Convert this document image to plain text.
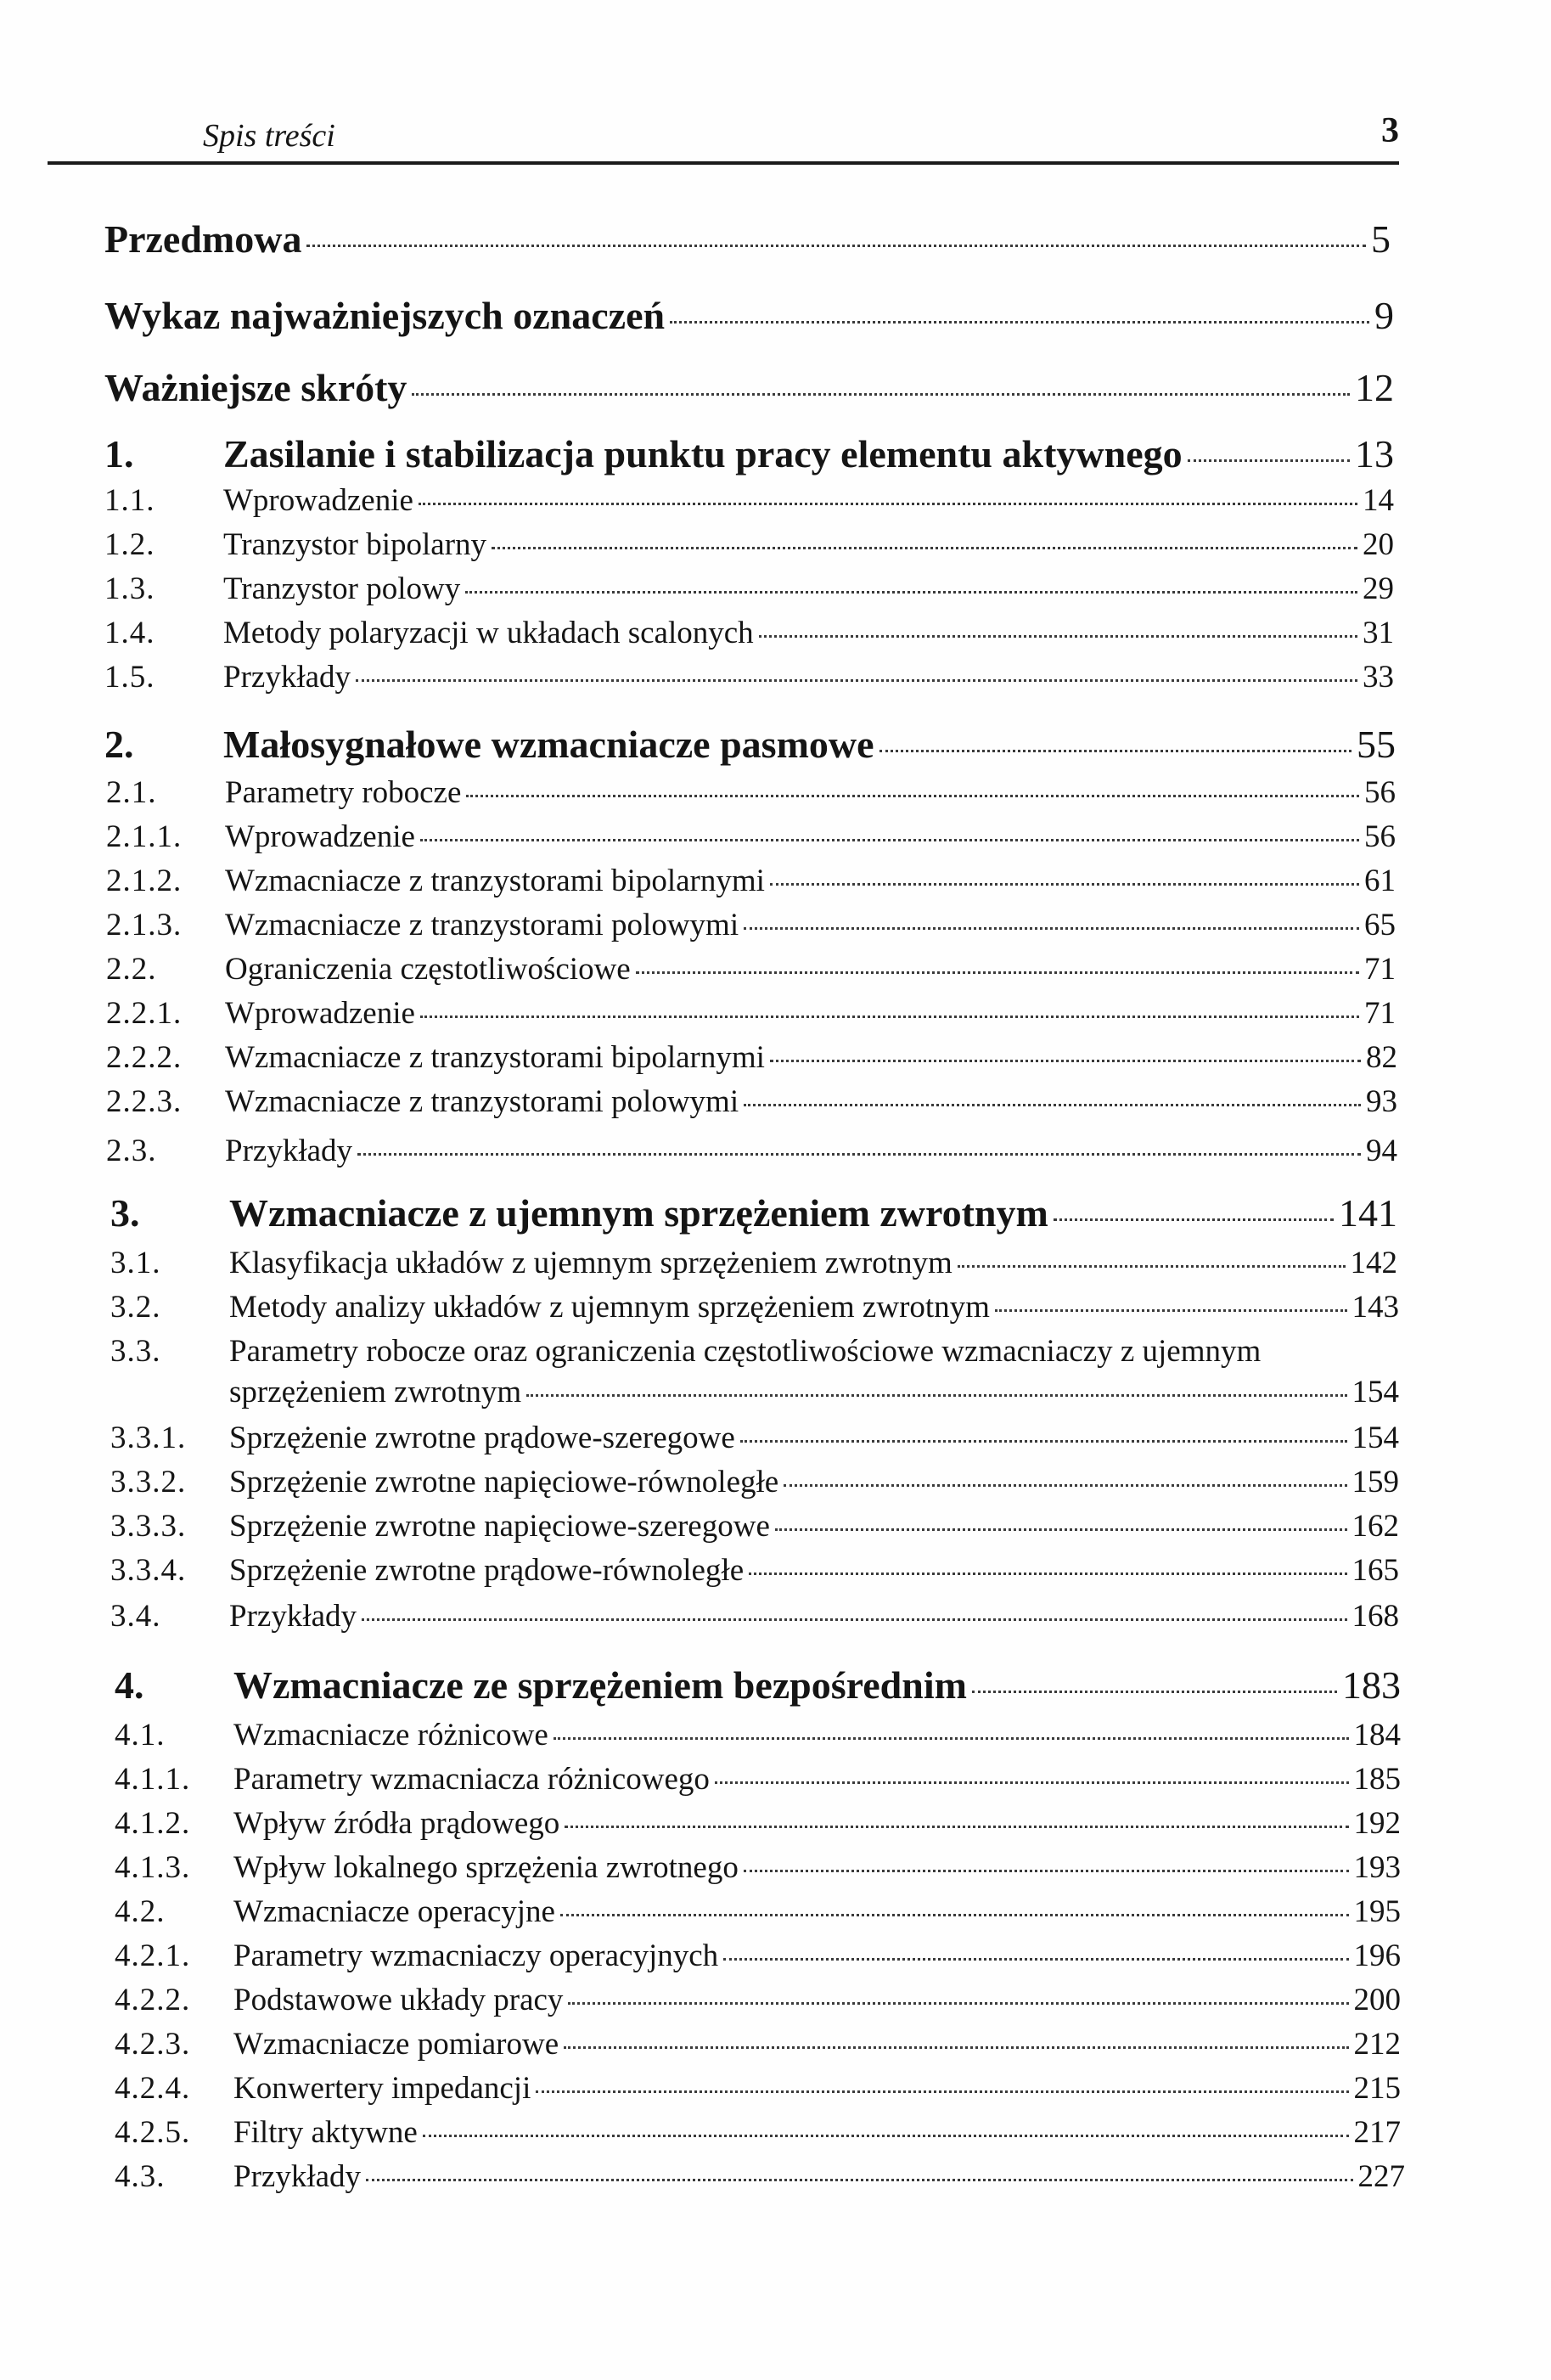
Spis treści	3
Przedmowa	5
Wykaz najważniejszych oznaczeń	9
Ważniejsze skróty	12
1.	Zasilanie i stabilizacja punktu pracy elementu aktywnego	13
1.1.	Wprowadzenie	14
1.2.	Tranzystor bipolarny	20
1.3.	Tranzystor polowy	29
1.4.	Metody polaryzacji w układach scalonych	31
1.5.	Przykłady	33
2.	Małosygnałowe wzmacniacze pasmowe	55
2.1.	Parametry robocze	56
2.1.1.	Wprowadzenie	56
2.1.2.	Wzmacniacze z tranzystorami bipolarnymi	61
2.1.3.	Wzmacniacze z tranzystorami polowymi	65
2.2.	Ograniczenia częstotliwościowe	71
2.2.1.	Wprowadzenie	71
2.2.2.	Wzmacniacze z tranzystorami bipolarnymi	82
2.2.3.	Wzmacniacze z tranzystorami polowymi	93
2.3.	Przykłady	94
3.	Wzmacniacze z ujemnym sprzężeniem zwrotnym	141
3.1.	Klasyfikacja układów z ujemnym sprzężeniem zwrotnym	142
3.2.	Metody analizy układów z ujemnym sprzężeniem zwrotnym	143
3.3.	Parametry robocze oraz ograniczenia częstotliwościowe wzmacniaczy z ujemnym
sprzężeniem zwrotnym	154
3.3.1.	Sprzężenie zwrotne prądowe-szeregowe	154
3.3.2.	Sprzężenie zwrotne napięciowe-równoległe	159
3.3.3.	Sprzężenie zwrotne napięciowe-szeregowe	162
3.3.4.	Sprzężenie zwrotne prądowe-równoległe	165
3.4.	Przykłady	168
4.	Wzmacniacze ze sprzężeniem bezpośrednim	183
4.1.	Wzmacniacze różnicowe	184
4.1.1.	Parametry wzmacniacza różnicowego	185
4.1.2.	Wpływ źródła prądowego	192
4.1.3.	Wpływ lokalnego sprzężenia zwrotnego	193
4.2.	Wzmacniacze operacyjne	195
4.2.1.	Parametry wzmacniaczy operacyjnych	196
4.2.2.	Podstawowe układy pracy	200
4.2.3.	Wzmacniacze pomiarowe	212
4.2.4.	Konwertery impedancji	215
4.2.5.	Filtry aktywne	217
4.3.	Przykłady	227
